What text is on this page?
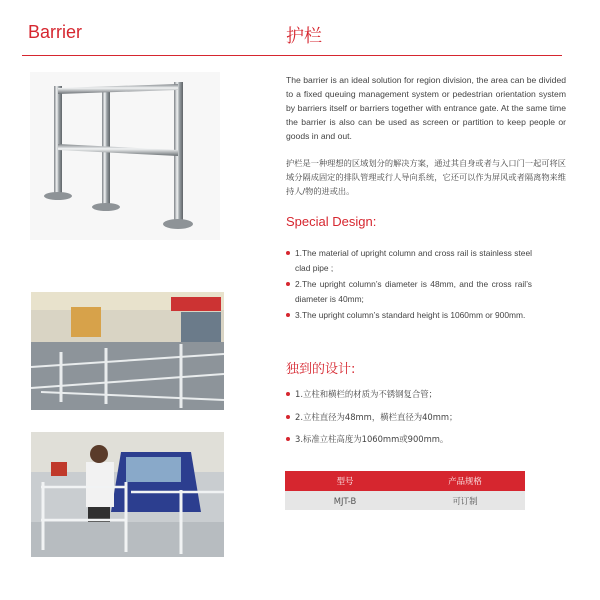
Barrier	护栏
The barrier is an ideal solution for region division, the area can be divided to a fixed queuing management system or pedestrian orientation system by barriers itself or barriers together with entrance gate. At the same time the barrier is also can be used as screen or partition to keep people or goods in and out.
护栏是一种理想的区域划分的解决方案，通过其自身或者与入口门一起可将区域分隔成固定的排队管理或行人导向系统，它还可以作为屏风或者隔离物来维持人/物的进或出。
Special Design:
1.The material of upright column and cross rail is stainless steel clad pipe ;
2.The upright column’s diameter is 48mm, and the cross rail’s diameter is 40mm;
3.The upright column’s standard height is 1060mm or 900mm.
独到的设计:
1.立柱和横栏的材质为不锈钢复合管；
2.立柱直径为48mm，横栏直径为40mm；
3.标准立柱高度为1060mm或900mm。
型号	产品规格
MJT-B	可订制
